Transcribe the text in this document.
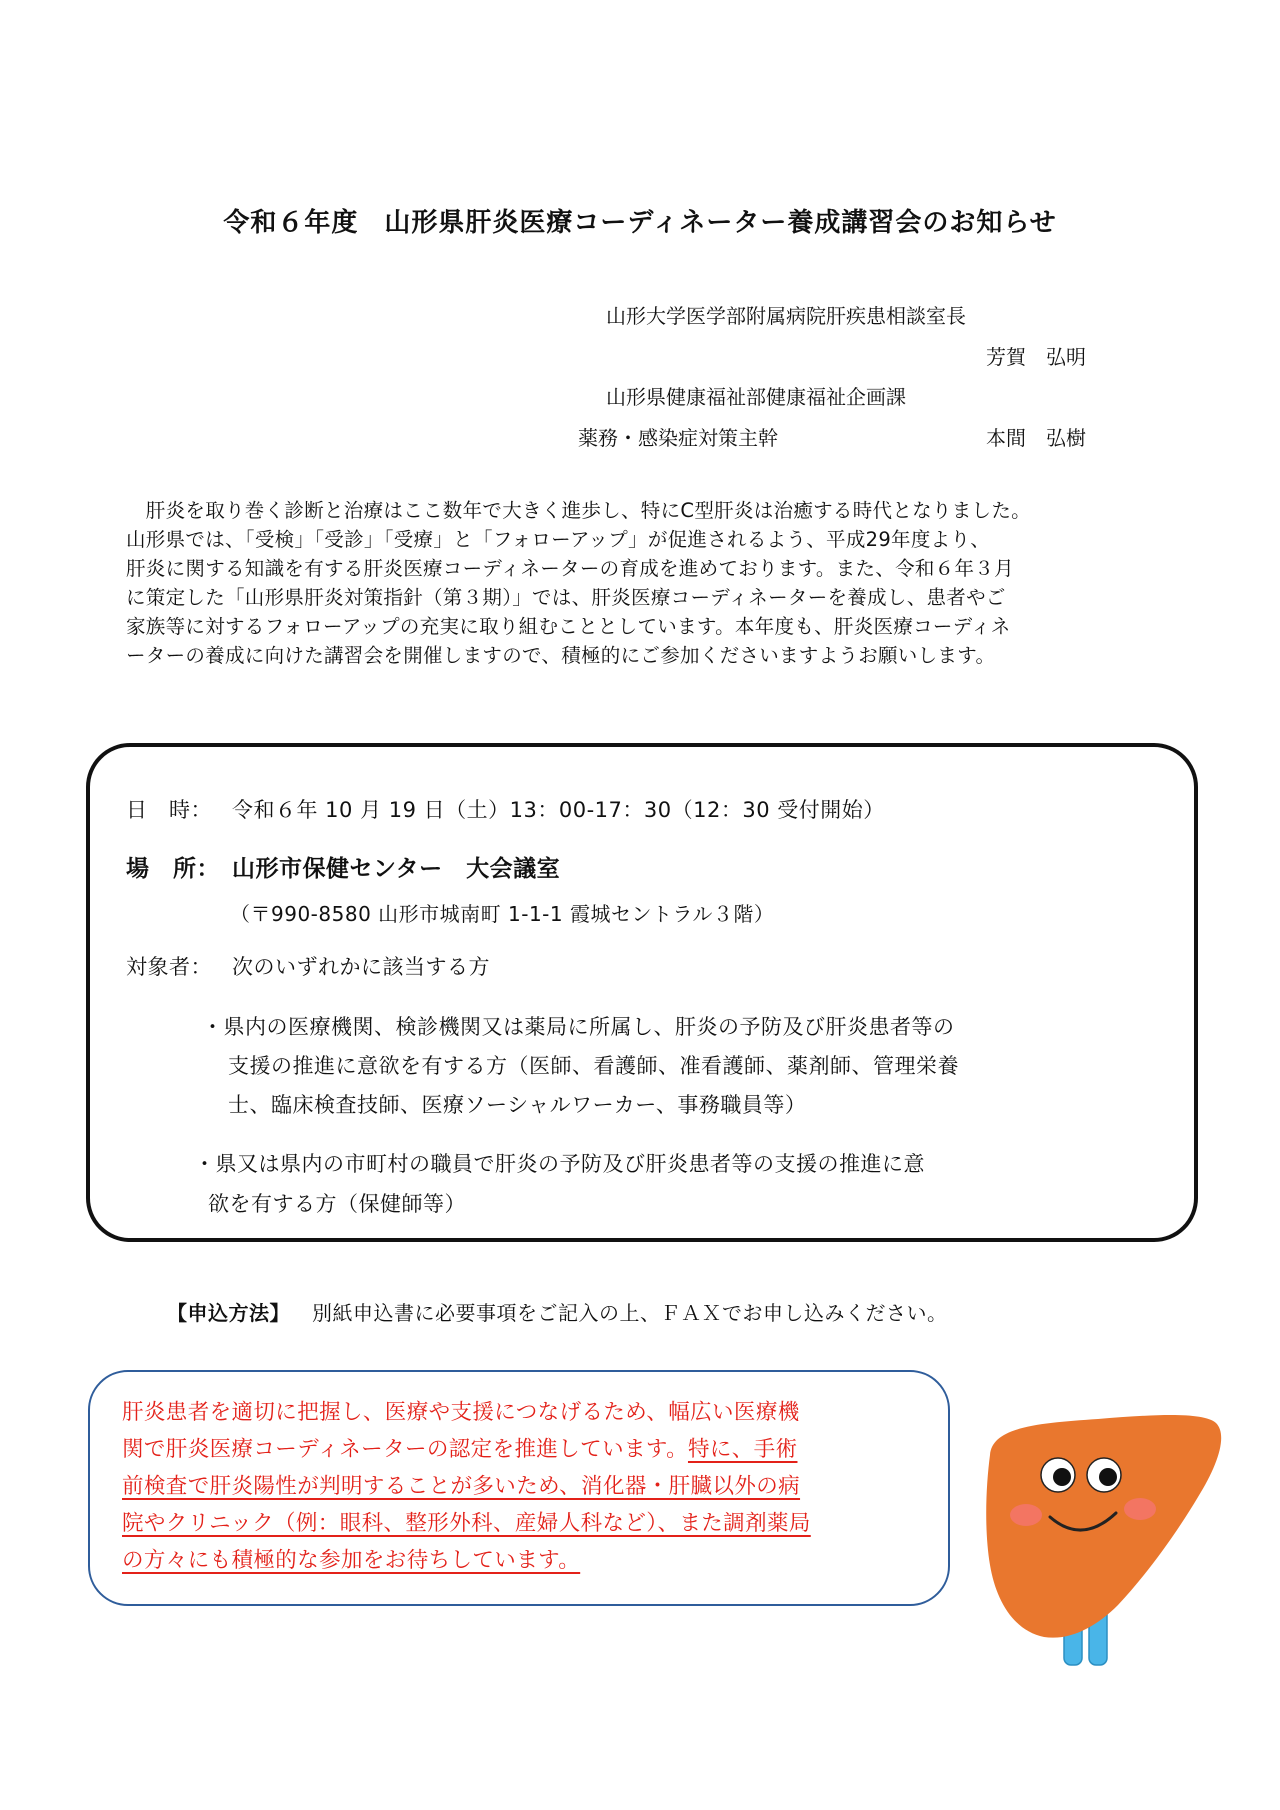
令和６年度 山形県肝炎医療コーディネーター養成講習会のお知らせ
山形大学医学部附属病院肝疾患相談室長
芳賀　弘明
山形県健康福祉部健康福祉企画課
薬務・感染症対策主幹	本間　弘樹

　肝炎を取り巻く診断と治療はここ数年で大きく進歩し、特にC型肝炎は治癒する時代となりました。

山形県では、「受検」「受診」「受療」と「フォローアップ」が促進されるよう、平成29年度より、

肝炎に関する知識を有する肝炎医療コーディネーターの育成を進めております。また、令和６年３月

に策定した「山形県肝炎対策指針（第３期）」では、肝炎医療コーディネーターを養成し、患者やご

家族等に対するフォローアップの充実に取り組むこととしています。本年度も、肝炎医療コーディネ

ーターの養成に向けた講習会を開催しますので、積極的にご参加くださいますようお願いします。

日　時： 令和６年 10 月 19 日（土）13：00-17：30（12：30 受付開始）
場　所： 山形市保健センター　大会議室
（〒990-8580 山形市城南町 1-1-1 霞城セントラル３階）
対象者： 次のいずれかに該当する方
・県内の医療機関、検診機関又は薬局に所属し、肝炎の予防及び肝炎患者等の
支援の推進に意欲を有する方（医師、看護師、准看護師、薬剤師、管理栄養
士、臨床検査技師、医療ソーシャルワーカー、事務職員等）
・県又は県内の市町村の職員で肝炎の予防及び肝炎患者等の支援の推進に意
欲を有する方（保健師等）
【申込方法】 別紙申込書に必要事項をご記入の上、ＦＡＸでお申し込みください。
肝炎患者を適切に把握し、医療や支援につなげるため、幅広い医療機
関で肝炎医療コーディネーターの認定を推進しています。特に、手術
前検査で肝炎陽性が判明することが多いため、消化器・肝臓以外の病
院やクリニック（例：眼科、整形外科、産婦人科など）、また調剤薬局
の方々にも積極的な参加をお待ちしています。
